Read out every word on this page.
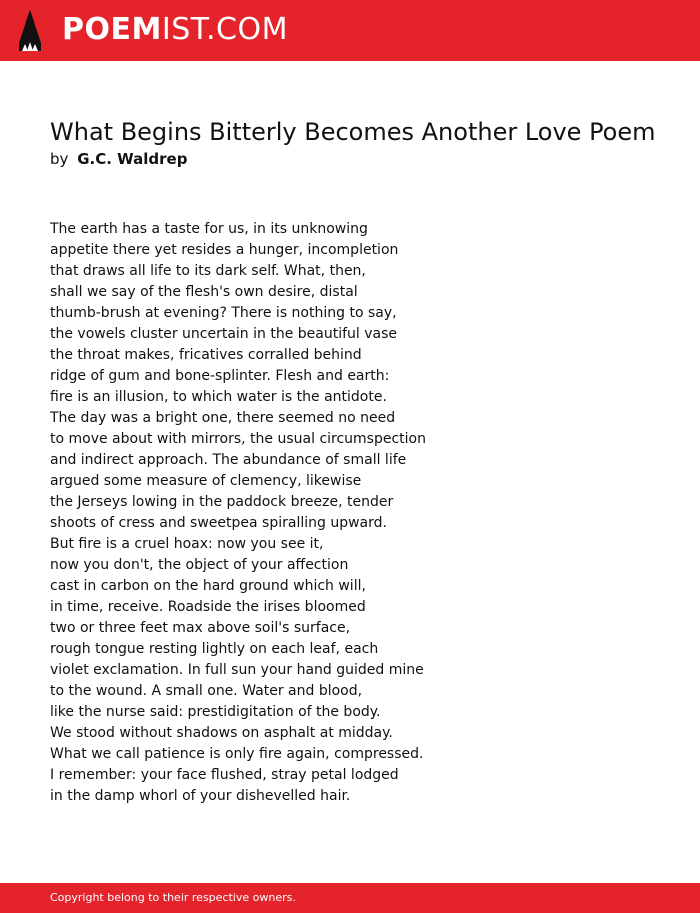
POEMIST.COM
What Begins Bitterly Becomes Another Love Poem
by G.C. Waldrep
The earth has a taste for us, in its unknowing
appetite there yet resides a hunger, incompletion
that draws all life to its dark self. What, then,
shall we say of the flesh's own desire, distal
thumb-brush at evening? There is nothing to say,
the vowels cluster uncertain in the beautiful vase
the throat makes, fricatives corralled behind
ridge of gum and bone-splinter. Flesh and earth:
fire is an illusion, to which water is the antidote.
The day was a bright one, there seemed no need
to move about with mirrors, the usual circumspection
and indirect approach. The abundance of small life
argued some measure of clemency, likewise
the Jerseys lowing in the paddock breeze, tender
shoots of cress and sweetpea spiralling upward.
But fire is a cruel hoax: now you see it,
now you don't, the object of your affection
cast in carbon on the hard ground which will,
in time, receive. Roadside the irises bloomed
two or three feet max above soil's surface,
rough tongue resting lightly on each leaf, each
violet exclamation. In full sun your hand guided mine
to the wound. A small one. Water and blood,
like the nurse said: prestidigitation of the body.
We stood without shadows on asphalt at midday.
What we call patience is only fire again, compressed.
I remember: your face flushed, stray petal lodged
in the damp whorl of your dishevelled hair.
Copyright belong to their respective owners.
